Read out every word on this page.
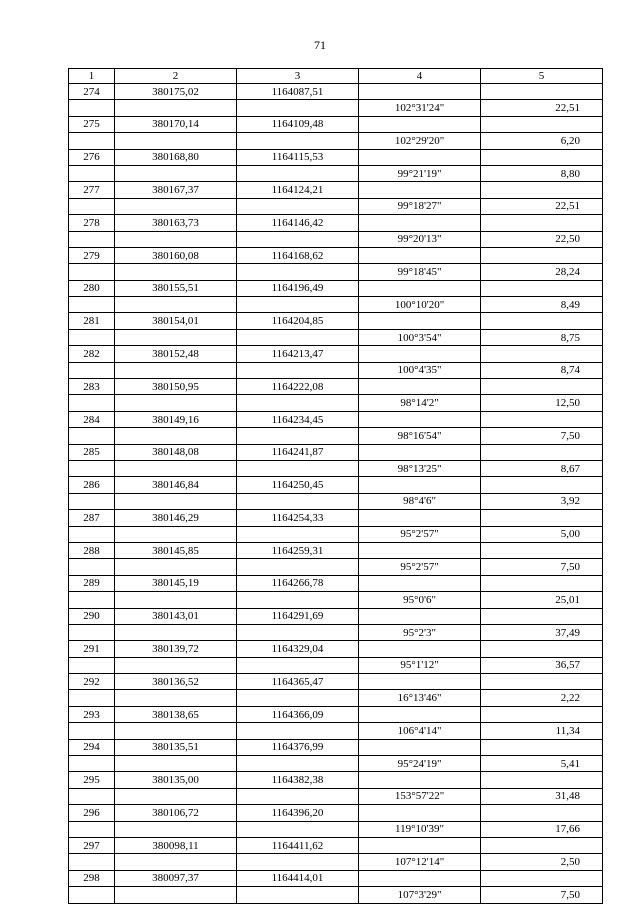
71
1	2	3	4	5
274	380175,02	1164087,51		
			102°31'24"	22,51
275	380170,14	1164109,48		
			102°29'20"	6,20
276	380168,80	1164115,53		
			99°21'19"	8,80
277	380167,37	1164124,21		
			99°18'27"	22,51
278	380163,73	1164146,42		
			99°20'13"	22,50
279	380160,08	1164168,62		
			99°18'45"	28,24
280	380155,51	1164196,49		
			100°10'20"	8,49
281	380154,01	1164204,85		
			100°3'54"	8,75
282	380152,48	1164213,47		
			100°4'35"	8,74
283	380150,95	1164222,08		
			98°14'2"	12,50
284	380149,16	1164234,45		
			98°16'54"	7,50
285	380148,08	1164241,87		
			98°13'25"	8,67
286	380146,84	1164250,45		
			98°4'6"	3,92
287	380146,29	1164254,33		
			95°2'57"	5,00
288	380145,85	1164259,31		
			95°2'57"	7,50
289	380145,19	1164266,78		
			95°0'6"	25,01
290	380143,01	1164291,69		
			95°2'3"	37,49
291	380139,72	1164329,04		
			95°1'12"	36,57
292	380136,52	1164365,47		
			16°13'46"	2,22
293	380138,65	1164366,09		
			106°4'14"	11,34
294	380135,51	1164376,99		
			95°24'19"	5,41
295	380135,00	1164382,38		
			153°57'22"	31,48
296	380106,72	1164396,20		
			119°10'39"	17,66
297	380098,11	1164411,62		
			107°12'14"	2,50
298	380097,37	1164414,01		
			107°3'29"	7,50
